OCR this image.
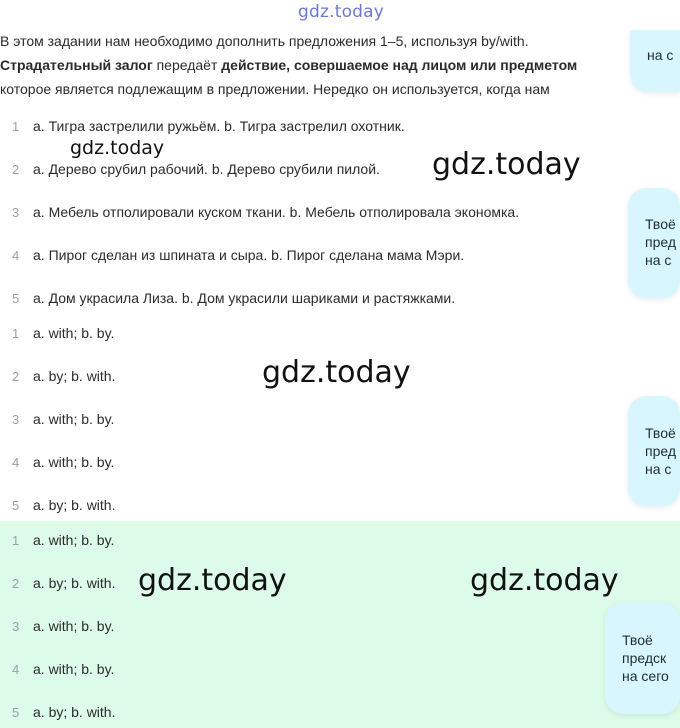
gdz.today
В этом задании нам необходимо дополнить предложения 1–5, используя by/with.
Страдательный залог передаёт действие, совершаемое над лицом или предметом
которое является подлежащим в предложении. Нередко он используется, когда нам
1 a. Тигра застрелили ружьём. b. Тигра застрелил охотник.
2 a. Дерево срубил рабочий. b. Дерево срубили пилой.
3 a. Мебель отполировали куском ткани. b. Мебель отполировала экономка.
4 a. Пирог сделан из шпината и сыра. b. Пирог сделана мама Мэри.
5 a. Дом украсила Лиза. b. Дом украсили шариками и растяжками.
1 a. with; b. by.
2 a. by; b. with.
3 a. with; b. by.
4 a. with; b. by.
5 a. by; b. with.
1 a. with; b. by.
2 a. by; b. with.
3 a. with; b. by.
4 a. with; b. by.
5 a. by; b. with.
на с
Твоё
пред
на с
Твоё
пред
на с
Твоё
предск
на сего
gdz.today	gdz.today
gdz.today
gdz.today	gdz.today
